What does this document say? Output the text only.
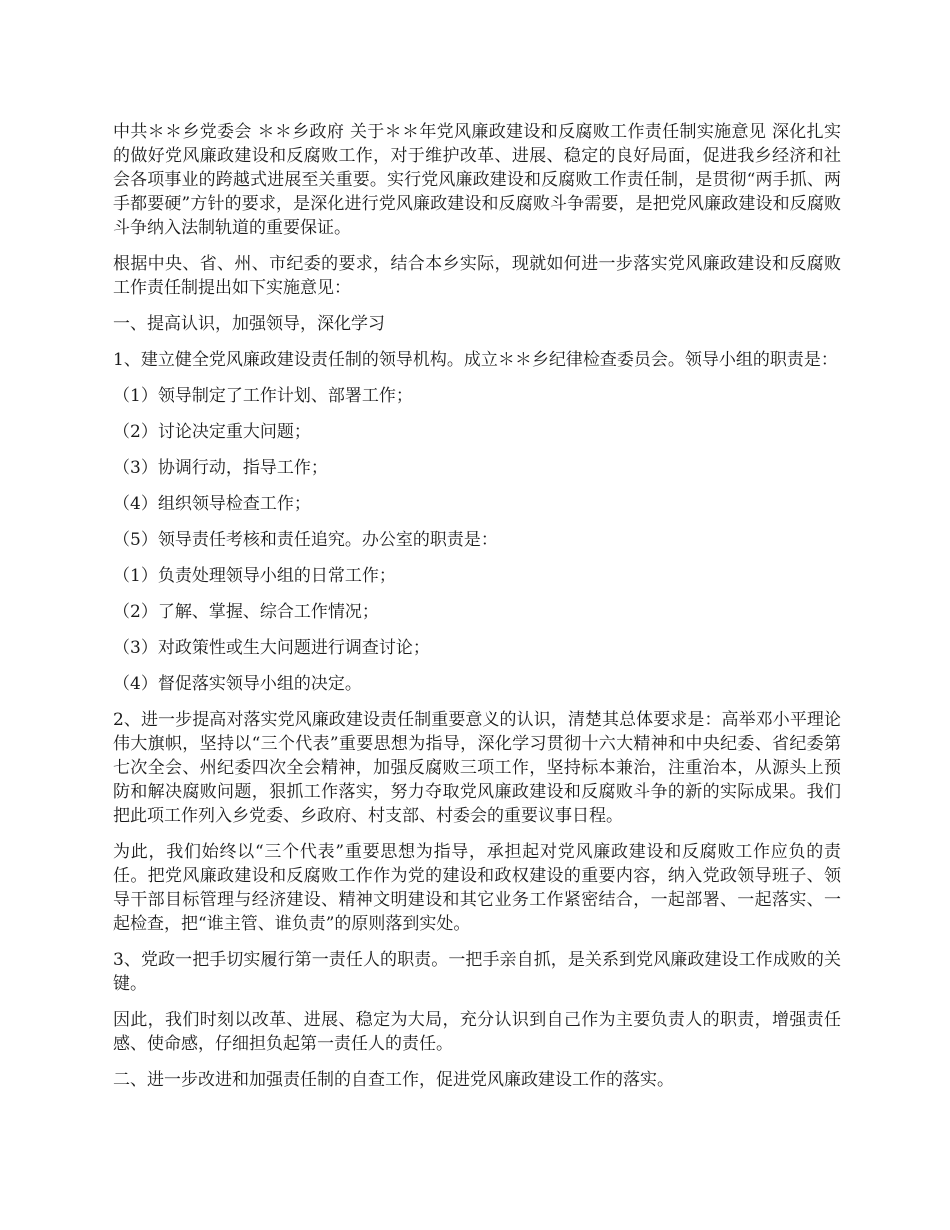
中共＊＊乡党委会 ＊＊乡政府 关于＊＊年党风廉政建设和反腐败工作责任制实施意见 深化扎实的做好党风廉政建设和反腐败工作，对于维护改革、进展、稳定的良好局面，促进我乡经济和社会各项事业的跨越式进展至关重要。实行党风廉政建设和反腐败工作责任制，是贯彻“两手抓、两手都要硬”方针的要求，是深化进行党风廉政建设和反腐败斗争需要，是把党风廉政建设和反腐败斗争纳入法制轨道的重要保证。

根据中央、省、州、市纪委的要求，结合本乡实际，现就如何进一步落实党风廉政建设和反腐败工作责任制提出如下实施意见：

一、提高认识，加强领导，深化学习

1、建立健全党风廉政建设责任制的领导机构。成立＊＊乡纪律检查委员会。领导小组的职责是：

（1）领导制定了工作计划、部署工作；

（2）讨论决定重大问题；

（3）协调行动，指导工作；

（4）组织领导检查工作；

（5）领导责任考核和责任追究。办公室的职责是：

（1）负责处理领导小组的日常工作；

（2）了解、掌握、综合工作情况；

（3）对政策性或生大问题进行调查讨论；

（4）督促落实领导小组的决定。

2、进一步提高对落实党风廉政建设责任制重要意义的认识，清楚其总体要求是：高举邓小平理论伟大旗帜，坚持以“三个代表”重要思想为指导，深化学习贯彻十六大精神和中央纪委、省纪委第七次全会、州纪委四次全会精神，加强反腐败三项工作，坚持标本兼治，注重治本，从源头上预防和解决腐败问题，狠抓工作落实，努力夺取党风廉政建设和反腐败斗争的新的实际成果。我们把此项工作列入乡党委、乡政府、村支部、村委会的重要议事日程。

为此，我们始终以“三个代表”重要思想为指导，承担起对党风廉政建设和反腐败工作应负的责任。把党风廉政建设和反腐败工作作为党的建设和政权建设的重要内容，纳入党政领导班子、领导干部目标管理与经济建设、精神文明建设和其它业务工作紧密结合，一起部署、一起落实、一起检查，把“谁主管、谁负责”的原则落到实处。

3、党政一把手切实履行第一责任人的职责。一把手亲自抓，是关系到党风廉政建设工作成败的关键。

因此，我们时刻以改革、进展、稳定为大局，充分认识到自己作为主要负责人的职责，增强责任感、使命感，仔细担负起第一责任人的责任。

二、进一步改进和加强责任制的自查工作，促进党风廉政建设工作的落实。
